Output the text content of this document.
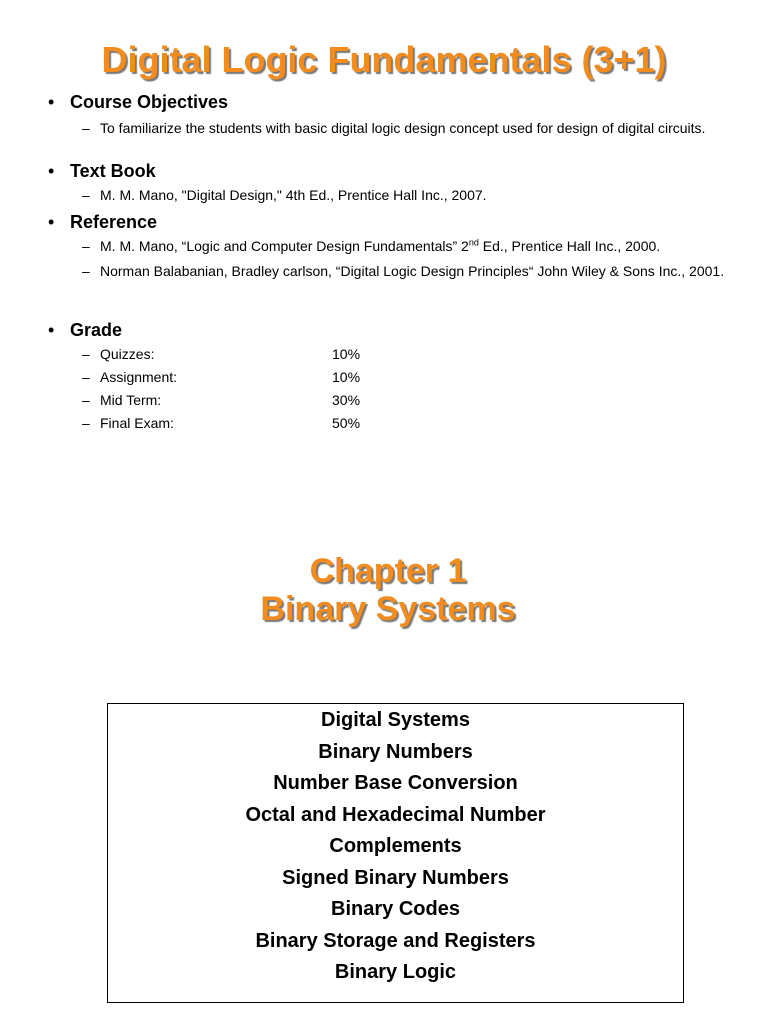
Digital Logic Fundamentals (3+1)
• Course Objectives
– To familiarize the students with basic digital logic design concept used for design of digital circuits.
• Text Book
– M. M. Mano, "Digital Design," 4th Ed., Prentice Hall Inc., 2007.
• Reference
– M. M. Mano, “Logic and Computer Design Fundamentals” 2nd Ed., Prentice Hall Inc., 2000.
– Norman Balabanian, Bradley carlson, “Digital Logic Design Principles“ John Wiley & Sons Inc., 2001.
• Grade
– Quizzes:	10%
– Assignment:	10%
– Mid Term:	30%
– Final Exam:	50%
Chapter 1
Binary Systems
Digital Systems
Binary Numbers
Number Base Conversion
Octal and Hexadecimal Number
Complements
Signed Binary Numbers
Binary Codes
Binary Storage and Registers
Binary Logic
